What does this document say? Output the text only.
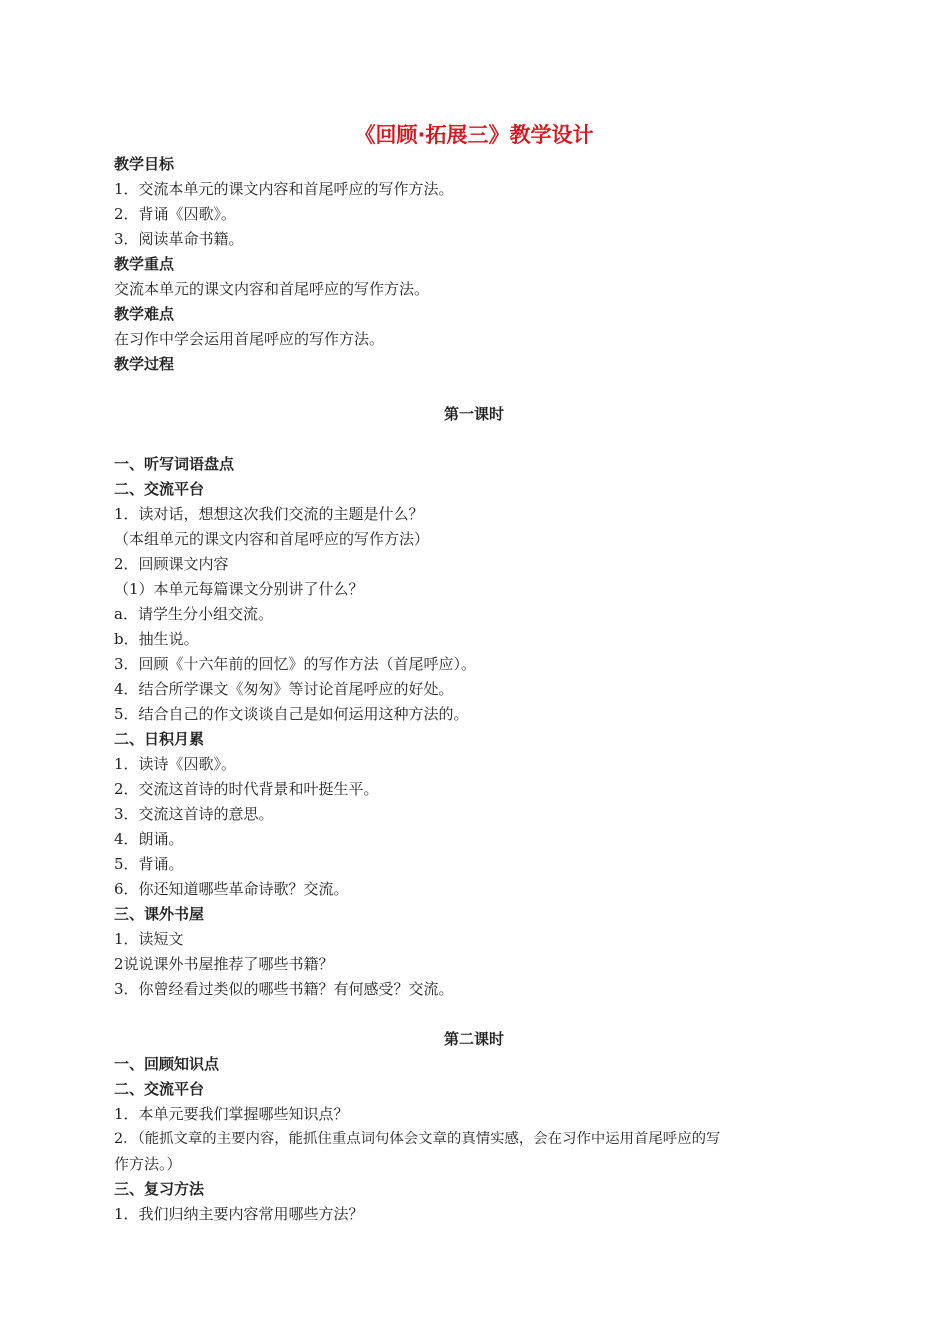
《回顾·拓展三》教学设计
教学目标
1．交流本单元的课文内容和首尾呼应的写作方法。
2．背诵《囚歌》。
3．阅读革命书籍。
教学重点
交流本单元的课文内容和首尾呼应的写作方法。
教学难点
在习作中学会运用首尾呼应的写作方法。
教学过程
第一课时
一、听写词语盘点
二、交流平台
1．读对话，想想这次我们交流的主题是什么？
（本组单元的课文内容和首尾呼应的写作方法）
2．回顾课文内容
（1）本单元每篇课文分别讲了什么？
a．请学生分小组交流。
b．抽生说。
3．回顾《十六年前的回忆》的写作方法（首尾呼应）。
4．结合所学课文《匆匆》等讨论首尾呼应的好处。
5．结合自己的作文谈谈自己是如何运用这种方法的。
二、日积月累
1．读诗《囚歌》。
2．交流这首诗的时代背景和叶挺生平。
3．交流这首诗的意思。
4．朗诵。
5．背诵。
6．你还知道哪些革命诗歌？交流。
三、课外书屋
1．读短文
2说说课外书屋推荐了哪些书籍？
3．你曾经看过类似的哪些书籍？有何感受？交流。
第二课时
一、回顾知识点
二、交流平台
1．本单元要我们掌握哪些知识点？
2．（能抓文章的主要内容，能抓住重点词句体会文章的真情实感，会在习作中运用首尾呼应的写
作方法。）
三、复习方法
1．我们归纳主要内容常用哪些方法？
